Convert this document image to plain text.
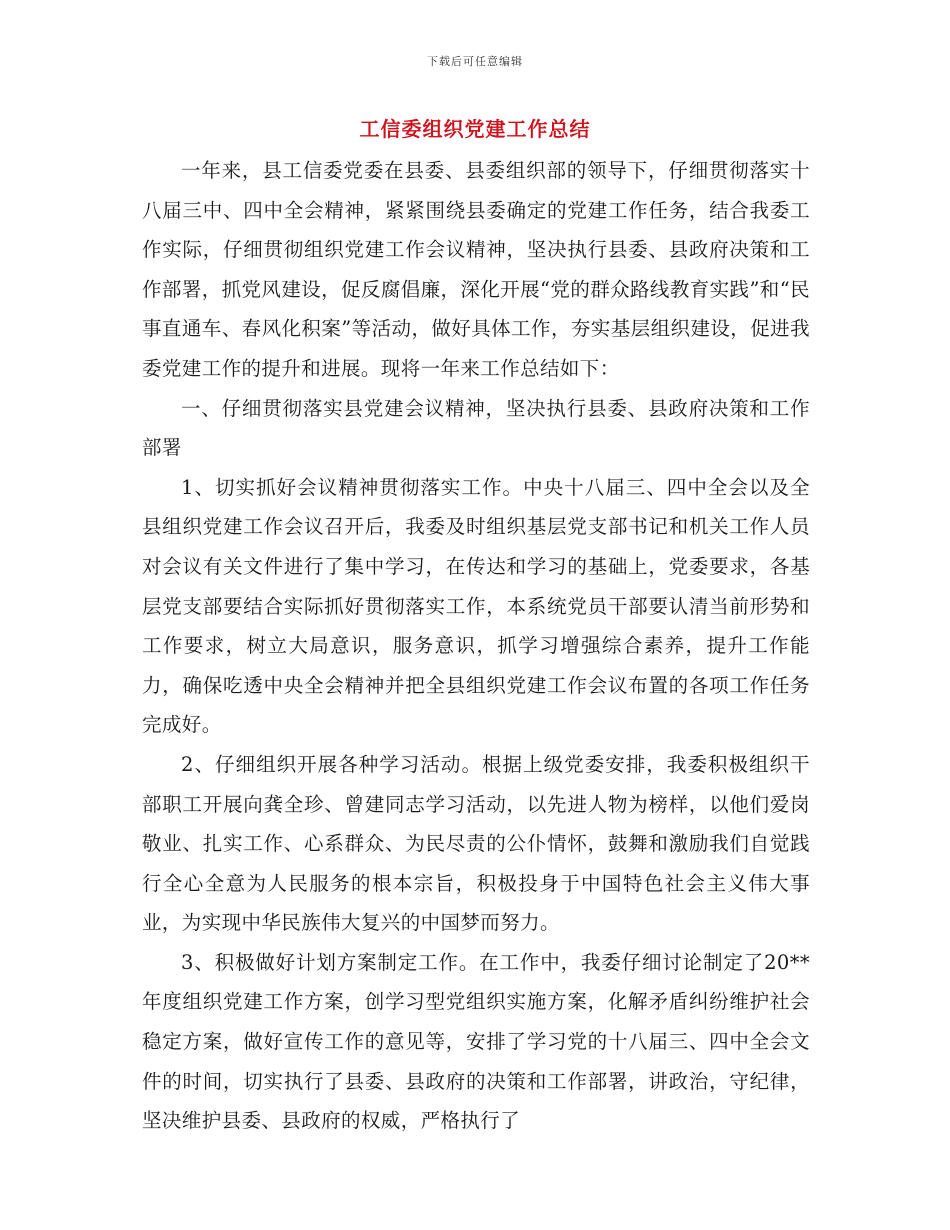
下载后可任意编辑
工信委组织党建工作总结

一年来，县工信委党委在县委、县委组织部的领导下，仔细贯彻落实十八届三中、四中全会精神，紧紧围绕县委确定的党建工作任务，结合我委工作实际，仔细贯彻组织党建工作会议精神，坚决执行县委、县政府决策和工作部署，抓党风建设，促反腐倡廉，深化开展“党的群众路线教育实践”和“民事直通车、春风化积案”等活动，做好具体工作，夯实基层组织建设，促进我委党建工作的提升和进展。现将一年来工作总结如下：

一、仔细贯彻落实县党建会议精神，坚决执行县委、县政府决策和工作部署

1、切实抓好会议精神贯彻落实工作。中央十八届三、四中全会以及全县组织党建工作会议召开后，我委及时组织基层党支部书记和机关工作人员对会议有关文件进行了集中学习，在传达和学习的基础上，党委要求，各基层党支部要结合实际抓好贯彻落实工作，本系统党员干部要认清当前形势和工作要求，树立大局意识，服务意识，抓学习增强综合素养，提升工作能力，确保吃透中央全会精神并把全县组织党建工作会议布置的各项工作任务完成好。

2、仔细组织开展各种学习活动。根据上级党委安排，我委积极组织干部职工开展向龚全珍、曾建同志学习活动，以先进人物为榜样，以他们爱岗敬业、扎实工作、心系群众、为民尽责的公仆情怀，鼓舞和激励我们自觉践行全心全意为人民服务的根本宗旨，积极投身于中国特色社会主义伟大事业，为实现中华民族伟大复兴的中国梦而努力。

3、积极做好计划方案制定工作。在工作中，我委仔细讨论制定了20**年度组织党建工作方案，创学习型党组织实施方案，化解矛盾纠纷维护社会稳定方案，做好宣传工作的意见等，安排了学习党的十八届三、四中全会文件的时间，切实执行了县委、县政府的决策和工作部署，讲政治，守纪律，坚决维护县委、县政府的权威，严格执行了
